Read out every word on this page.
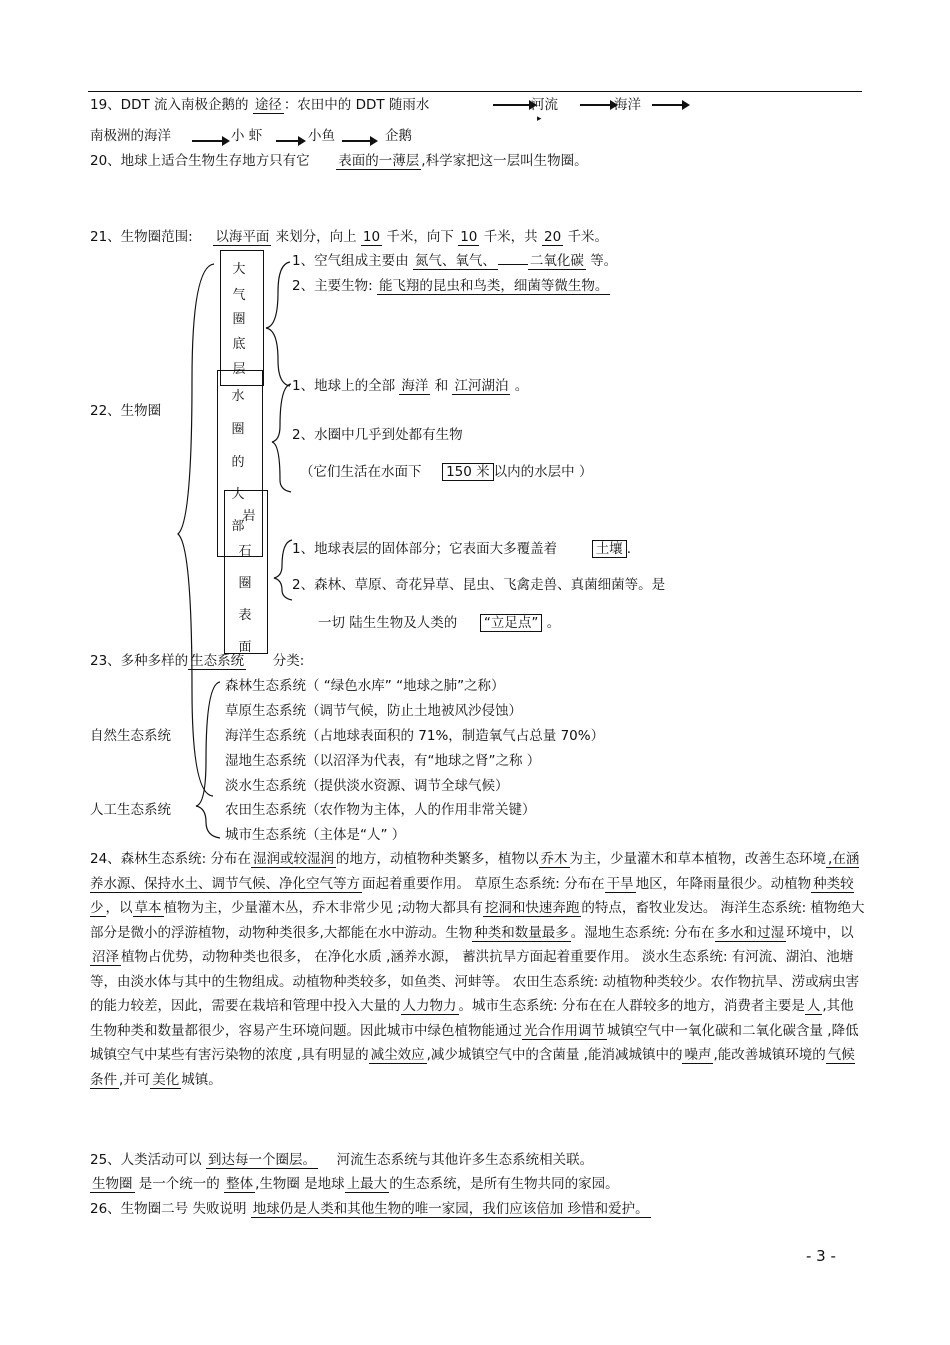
19、DDT 流入南极企鹅的 途径 ：农田中的 DDT 随雨水	河流	海洋
▸
南极洲的海洋	小 虾	小鱼	企鹅
20、地球上适合生物生存地方只有它 表面的一薄层 ,科学家把这一层叫生物圈。
21、生物圈范围: 以海平面 来划分，向上 10 千米，向下 10 千米，共 20 千米。
22、生物圈
大
气
圈
底
层
水
圈
的
大
部
岩
石
圈
表
面
1、空气组成主要由 氮气、氧气、	二氧化碳 等。
2、主要生物: 能飞翔的昆虫和鸟类，细菌等微生物。
1、地球上的全部 海洋 和 江河湖泊 。
2、水圈中几乎到处都有生物
（它们生活在水面下 150 米 以内的水层中 ）
1、地球表层的固体部分；它表面大多覆盖着	土壤 .
2、森林、草原、奇花异草、昆虫、飞禽走兽、真菌细菌等。是
一切 陆生生物及人类的 “立足点” 。
23、多种多样的 生态系统 分类:
自然生态系统
人工生态系统
森林生态系统（ “绿色水库” “地球之肺”之称）
草原生态系统（调节气候，防止土地被风沙侵蚀）
海洋生态系统（占地球表面积的 71%，制造氧气占总量 70%）
湿地生态系统（以沼泽为代表，有“地球之肾”之称 ）
淡水生态系统（提供淡水资源、调节全球气候）
农田生态系统（农作物为主体，人的作用非常关键）
城市生态系统（主体是“人” ）
24、森林生态系统: 分布在 湿润或较湿润 的地方，动植物种类繁多，植物以 乔木 为主，少量灌木和草本植物，改善生态环境 ,在涵养水源、保持水土、调节气候、净化空气等方 面起着重要作用。 草原生态系统: 分布在 干旱 地区，年降雨量很少。动植物 种类较少 ，以 草本 植物为主，少量灌木丛，乔木非常少见 ;动物大都具有 挖洞和快速奔跑 的特点，畜牧业发达。 海洋生态系统: 植物绝大部分是微小的浮游植物，动物种类很多,大都能在水中游动。生物 种类和数量最多 。湿地生态系统: 分布在 多水和过湿 环境中，以沼泽 植物占优势，动物种类也很多， 在净化水质 ,涵养水源， 蓄洪抗旱方面起着重要作用。 淡水生态系统: 有河流、湖泊、池塘等，由淡水体与其中的生物组成。动植物种类较多，如鱼类、河蚌等。 农田生态系统: 动植物种类较少。农作物抗旱、涝或病虫害的能力较差，因此，需要在栽培和管理中投入大量的 人力物力 。城市生态系统: 分布在在人群较多的地方，消费者主要是 人 ,其他生物种类和数量都很少，容易产生环境问题。因此城市中绿色植物能通过 光合作用调节 城镇空气中一氧化碳和二氧化碳含量 ,降低城镇空气中某些有害污染物的浓度 ,具有明显的 减尘效应 ,减少城镇空气中的含菌量 ,能消减城镇中的 噪声 ,能改善城镇环境的 气候条件 ,并可 美化 城镇。
25、人类活动可以 到达每一个圈层。 河流生态系统与其他许多生态系统相关联。
生物圈 是一个统一的 整体 ,生物圈 是地球 上最大 的生态系统，是所有生物共同的家园。
26、生物圈二号 失败说明 地球仍是人类和其他生物的唯一家园，我们应该倍加 珍惜和爱护。
- 3 -
